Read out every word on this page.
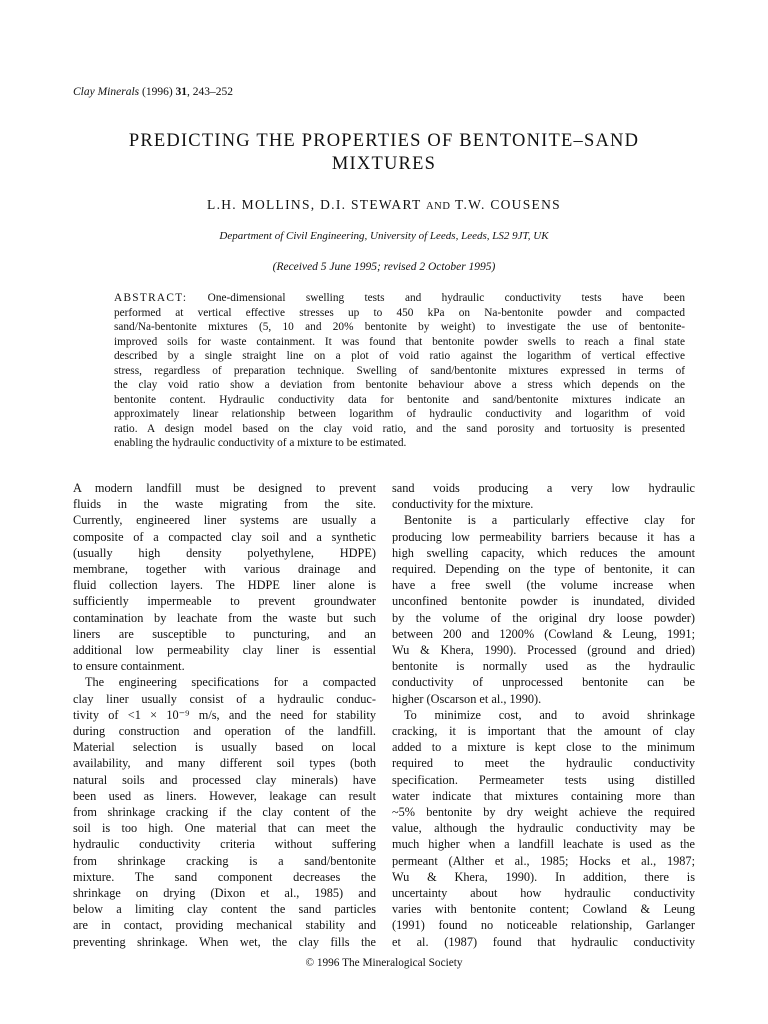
Clay Minerals (1996) 31, 243–252
PREDICTING THE PROPERTIES OF BENTONITE–SAND
MIXTURES
L.H. MOLLINS, D.I. STEWART AND T.W. COUSENS
Department of Civil Engineering, University of Leeds, Leeds, LS2 9JT, UK
(Received 5 June 1995; revised 2 October 1995)
ABSTRACT: One-dimensional swelling tests and hydraulic conductivity tests have been
performed at vertical effective stresses up to 450 kPa on Na-bentonite powder and compacted
sand/Na-bentonite mixtures (5, 10 and 20% bentonite by weight) to investigate the use of bentonite-
improved soils for waste containment. It was found that bentonite powder swells to reach a final state
described by a single straight line on a plot of void ratio against the logarithm of vertical effective
stress, regardless of preparation technique. Swelling of sand/bentonite mixtures expressed in terms of
the clay void ratio show a deviation from bentonite behaviour above a stress which depends on the
bentonite content. Hydraulic conductivity data for bentonite and sand/bentonite mixtures indicate an
approximately linear relationship between logarithm of hydraulic conductivity and logarithm of void
ratio. A design model based on the clay void ratio, and the sand porosity and tortuosity is presented
enabling the hydraulic conductivity of a mixture to be estimated.
A modern landfill must be designed to prevent
fluids in the waste migrating from the site.
Currently, engineered liner systems are usually a
composite of a compacted clay soil and a synthetic
(usually high density polyethylene, HDPE)
membrane, together with various drainage and
fluid collection layers. The HDPE liner alone is
sufficiently impermeable to prevent groundwater
contamination by leachate from the waste but such
liners are susceptible to puncturing, and an
additional low permeability clay liner is essential
to ensure containment.
The engineering specifications for a compacted
clay liner usually consist of a hydraulic conduc-
tivity of <1 × 10⁻⁹ m/s, and the need for stability
during construction and operation of the landfill.
Material selection is usually based on local
availability, and many different soil types (both
natural soils and processed clay minerals) have
been used as liners. However, leakage can result
from shrinkage cracking if the clay content of the
soil is too high. One material that can meet the
hydraulic conductivity criteria without suffering
from shrinkage cracking is a sand/bentonite
mixture. The sand component decreases the
shrinkage on drying (Dixon et al., 1985) and
below a limiting clay content the sand particles
are in contact, providing mechanical stability and
preventing shrinkage. When wet, the clay fills the
sand voids producing a very low hydraulic
conductivity for the mixture.
Bentonite is a particularly effective clay for
producing low permeability barriers because it has a
high swelling capacity, which reduces the amount
required. Depending on the type of bentonite, it can
have a free swell (the volume increase when
unconfined bentonite powder is inundated, divided
by the volume of the original dry loose powder)
between 200 and 1200% (Cowland & Leung, 1991;
Wu & Khera, 1990). Processed (ground and dried)
bentonite is normally used as the hydraulic
conductivity of unprocessed bentonite can be
higher (Oscarson et al., 1990).
To minimize cost, and to avoid shrinkage
cracking, it is important that the amount of clay
added to a mixture is kept close to the minimum
required to meet the hydraulic conductivity
specification. Permeameter tests using distilled
water indicate that mixtures containing more than
~5% bentonite by dry weight achieve the required
value, although the hydraulic conductivity may be
much higher when a landfill leachate is used as the
permeant (Alther et al., 1985; Hocks et al., 1987;
Wu & Khera, 1990). In addition, there is
uncertainty about how hydraulic conductivity
varies with bentonite content; Cowland & Leung
(1991) found no noticeable relationship, Garlanger
et al. (1987) found that hydraulic conductivity
© 1996 The Mineralogical Society
